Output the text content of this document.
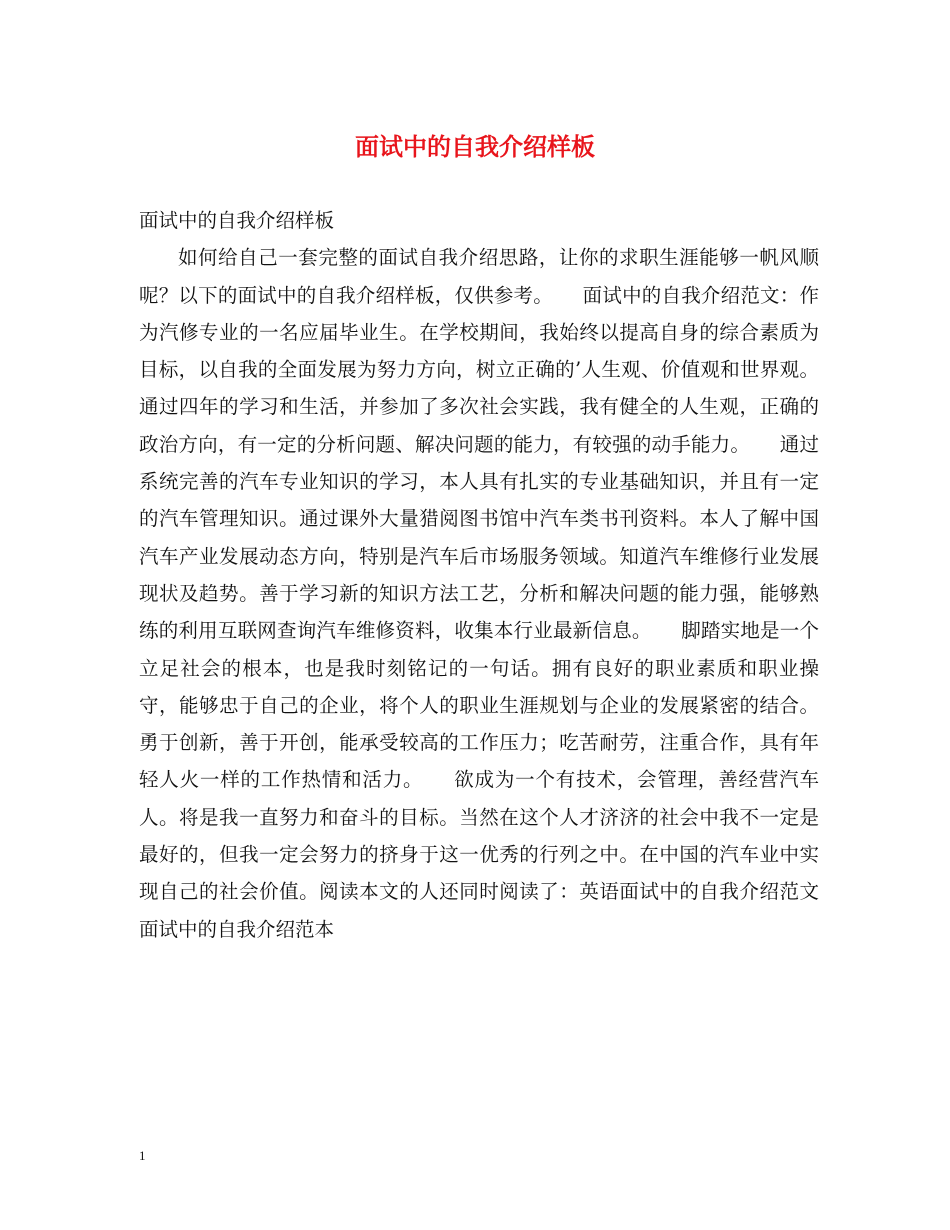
面试中的自我介绍样板

面试中的自我介绍样板

如何给自己一套完整的面试自我介绍思路，让你的求职生涯能够一帆风顺呢？以下的面试中的自我介绍样板，仅供参考。　　面试中的自我介绍范文：作为汽修专业的一名应届毕业生。在学校期间，我始终以提高自身的综合素质为目标，以自我的全面发展为努力方向，树立正确的’人生观、价值观和世界观。通过四年的学习和生活，并参加了多次社会实践，我有健全的人生观，正确的政治方向，有一定的分析问题、解决问题的能力，有较强的动手能力。　　通过系统完善的汽车专业知识的学习，本人具有扎实的专业基础知识，并且有一定的汽车管理知识。通过课外大量猎阅图书馆中汽车类书刊资料。本人了解中国汽车产业发展动态方向，特别是汽车后市场服务领域。知道汽车维修行业发展现状及趋势。善于学习新的知识方法工艺，分析和解决问题的能力强，能够熟练的利用互联网查询汽车维修资料，收集本行业最新信息。　　脚踏实地是一个立足社会的根本，也是我时刻铭记的一句话。拥有良好的职业素质和职业操守，能够忠于自己的企业，将个人的职业生涯规划与企业的发展紧密的结合。勇于创新，善于开创，能承受较高的工作压力；吃苦耐劳，注重合作，具有年轻人火一样的工作热情和活力。　　欲成为一个有技术，会管理，善经营汽车人。将是我一直努力和奋斗的目标。当然在这个人才济济的社会中我不一定是最好的，但我一定会努力的挤身于这一优秀的行列之中。在中国的汽车业中实现自己的社会价值。阅读本文的人还同时阅读了：英语面试中的自我介绍范文　　面试中的自我介绍范本

1
